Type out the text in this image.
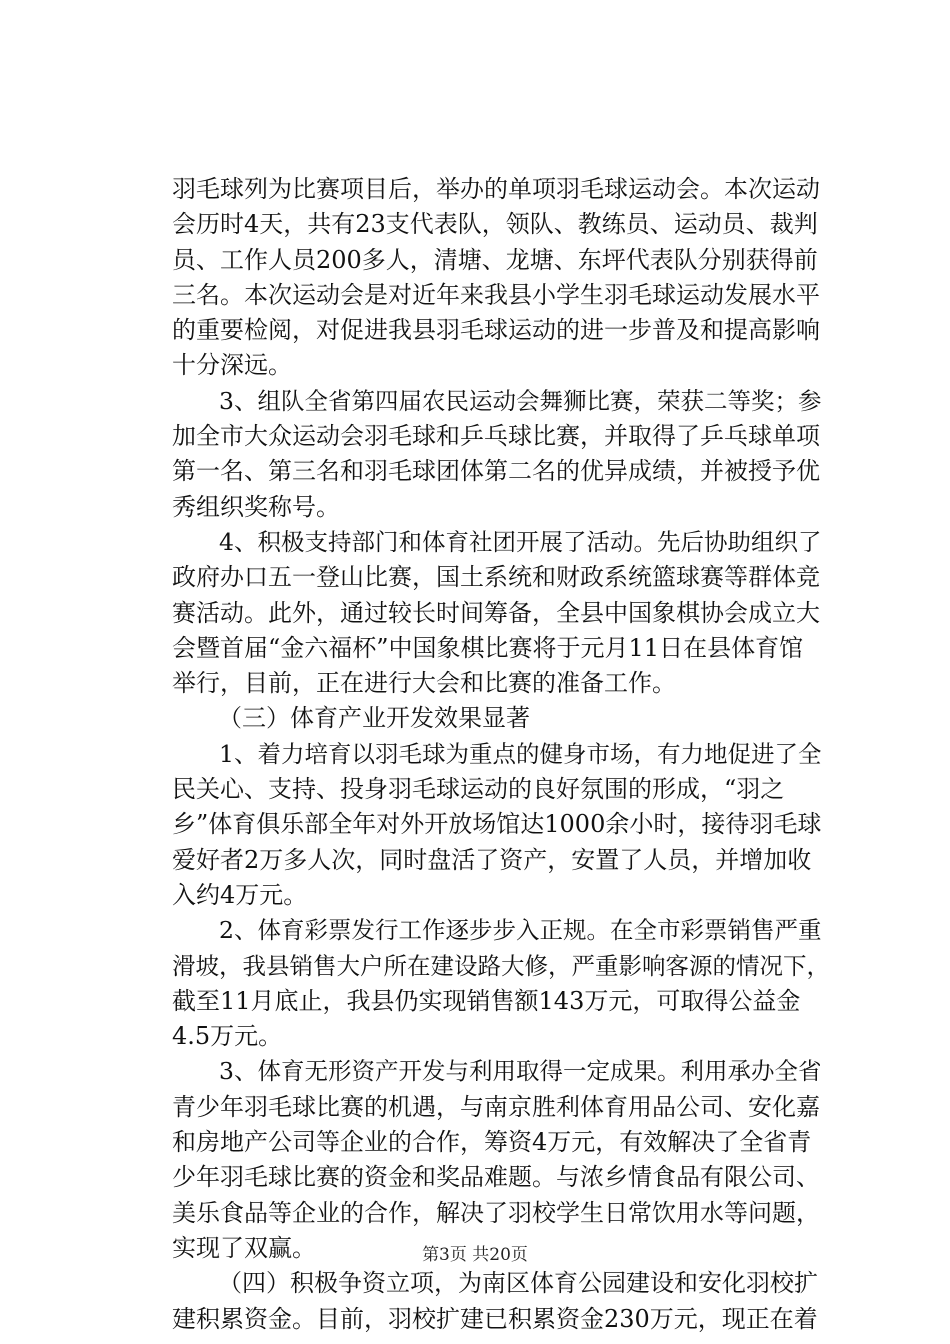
羽毛球列为比赛项目后，举办的单项羽毛球运动会。本次运动
会历时4天，共有23支代表队，领队、教练员、运动员、裁判
员、工作人员200多人，清塘、龙塘、东坪代表队分别获得前
三名。本次运动会是对近年来我县小学生羽毛球运动发展水平
的重要检阅，对促进我县羽毛球运动的进一步普及和提高影响
十分深远。
　　3、组队全省第四届农民运动会舞狮比赛，荣获二等奖；参
加全市大众运动会羽毛球和乒乓球比赛，并取得了乒乓球单项
第一名、第三名和羽毛球团体第二名的优异成绩，并被授予优
秀组织奖称号。
　　4、积极支持部门和体育社团开展了活动。先后协助组织了
政府办口五一登山比赛，国土系统和财政系统篮球赛等群体竞
赛活动。此外，通过较长时间筹备，全县中国象棋协会成立大
会暨首届“金六福杯”中国象棋比赛将于元月11日在县体育馆
举行，目前，正在进行大会和比赛的准备工作。
　　（三）体育产业开发效果显著
　　1、着力培育以羽毛球为重点的健身市场，有力地促进了全
民关心、支持、投身羽毛球运动的良好氛围的形成，“羽之
乡”体育俱乐部全年对外开放场馆达1000余小时，接待羽毛球
爱好者2万多人次，同时盘活了资产，安置了人员，并增加收
入约4万元。
　　2、体育彩票发行工作逐步步入正规。在全市彩票销售严重
滑坡，我县销售大户所在建设路大修，严重影响客源的情况下，
截至11月底止，我县仍实现销售额143万元，可取得公益金
4.5万元。
　　3、体育无形资产开发与利用取得一定成果。利用承办全省
青少年羽毛球比赛的机遇，与南京胜利体育用品公司、安化嘉
和房地产公司等企业的合作，筹资4万元，有效解决了全省青
少年羽毛球比赛的资金和奖品难题。与浓乡情食品有限公司、
美乐食品等企业的合作，解决了羽校学生日常饮用水等问题，
实现了双赢。
　　（四）积极争资立项，为南区体育公园建设和安化羽校扩
建积累资金。目前，羽校扩建已积累资金230万元，现正在着
第3页 共20页
